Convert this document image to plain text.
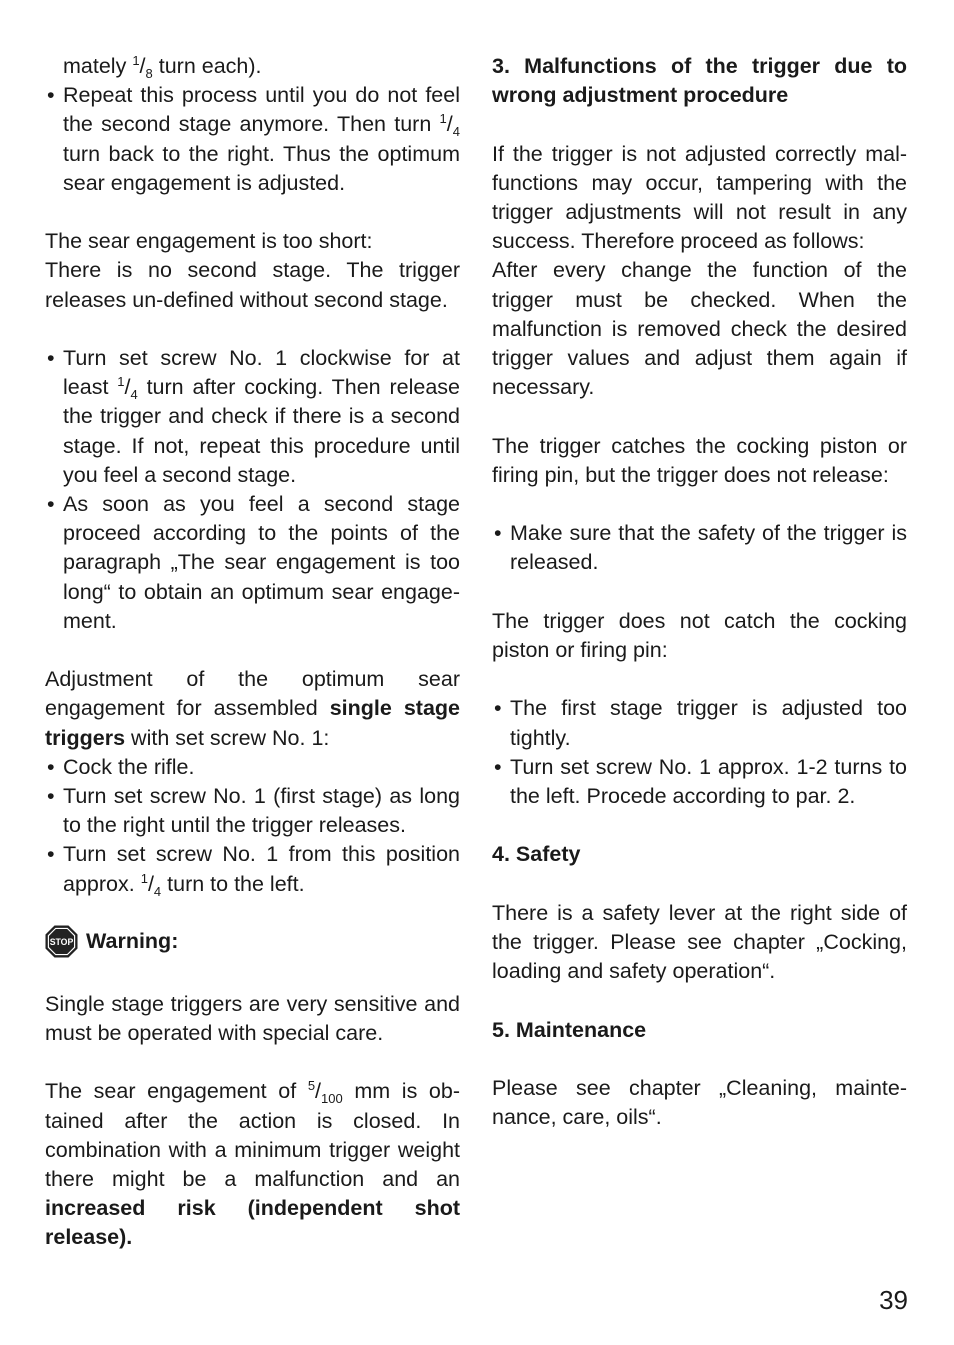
mately $^1/_8$ turn each).

• Repeat this process until you do not feel the second stage anymore. Then turn $^1/_4$ turn back to the right. Thus the optimum sear engagement is adjusted.

The sear engagement is too short:

There is no second stage. The trigger releases un-defined without second stage.

• Turn set screw No. 1 clockwise for at least $^1/_4$ turn after cocking. Then release the trigger and check if there is a second stage. If not, repeat this procedure until you feel a second stage.
• As soon as you feel a second stage proceed according to the points of the paragraph „The sear engagement is too long“ to obtain an optimum sear engage-ment.

Adjustment of the optimum sear engagement for assembled single stage triggers with set screw No. 1:

• Cock the rifle.
• Turn set screw No. 1 (first stage) as long to the right until the trigger releases.
• Turn set screw No. 1 from this position approx. $^1/_4$ turn to the left.
STOP Warning:

Single stage triggers are very sensitive and must be operated with special care.

The sear engagement of $^5/_{100}$ mm is ob-tained after the action is closed. In combination with a minimum trigger weight there might be a malfunction and an increased risk (independent shot release).

3. Malfunctions of the trigger due to wrong adjustment procedure

If the trigger is not adjusted correctly mal-functions may occur, tampering with the trigger adjustments will not result in any success. Therefore proceed as follows:

After every change the function of the trigger must be checked. When the malfunction is removed check the desired trigger values and adjust them again if necessary.

The trigger catches the cocking piston or firing pin, but the trigger does not release:

• Make sure that the safety of the trigger is released.

The trigger does not catch the cocking piston or firing pin:

• The first stage trigger is adjusted too tightly.
• Turn set screw No. 1 approx. 1-2 turns to the left. Procede according to par. 2.

4. Safety

There is a safety lever at the right side of the trigger. Please see chapter „Cocking, loading and safety operation“.

5. Maintenance

Please see chapter „Cleaning, mainte-nance, care, oils“.

39
